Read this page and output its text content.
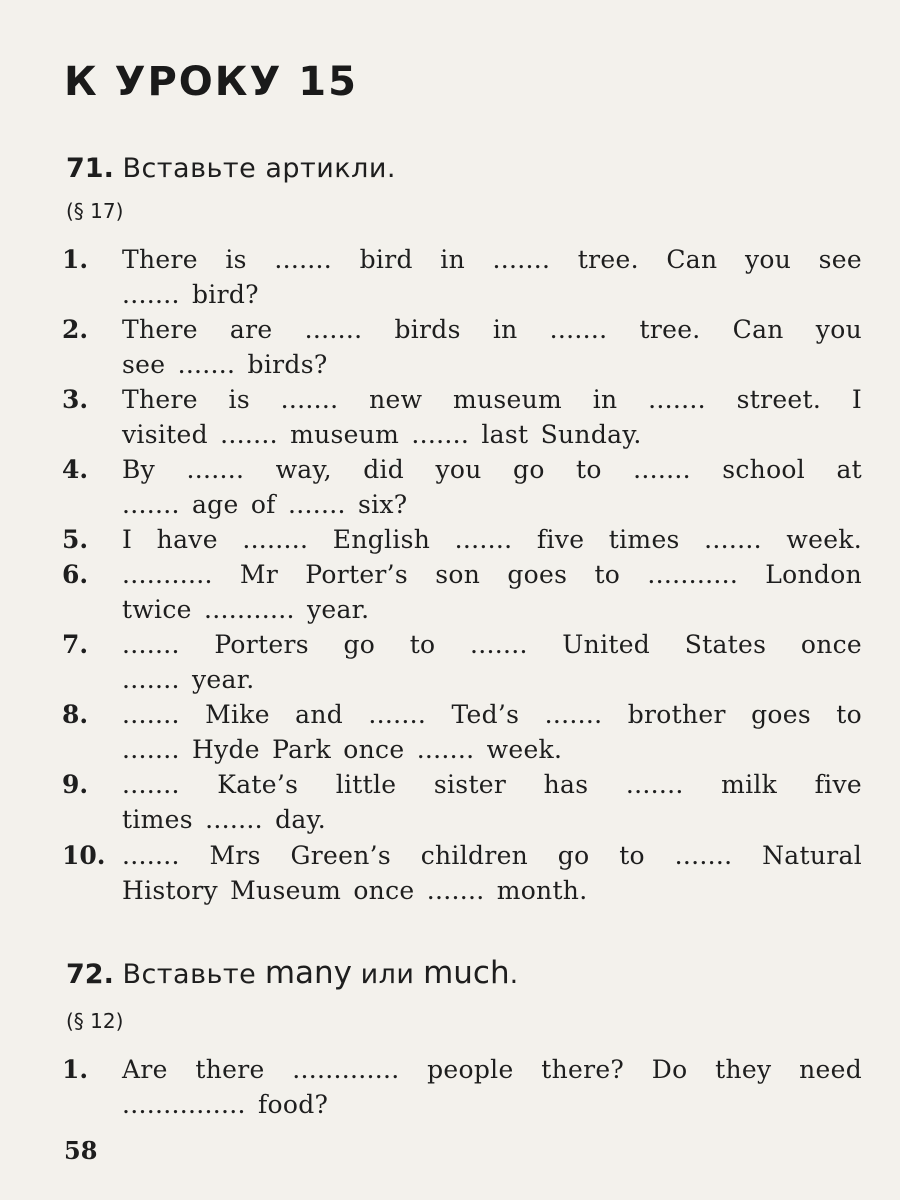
К УРОКУ 15
71. Вставьте артикли.
(§ 17)
1. There is ....... bird in ....... tree. Can you see
....... bird?
2. There are ....... birds in ....... tree. Can you
see ....... birds?
3. There is ....... new museum in ....... street. I
visited ....... museum ....... last Sunday.
4. By ....... way, did you go to ....... school at
....... age of ....... six?
5. I have ........ English ....... five times ....... week.
6. ........... Mr Porter’s son goes to ........... London
twice ........... year.
7. ....... Porters go to ....... United States once
....... year.
8. ....... Mike and ....... Ted’s ....... brother goes to
....... Hyde Park once ....... week.
9. ....... Kate’s little sister has ....... milk five
times ....... day.
10. ....... Mrs Green’s children go to ....... Natural
History Museum once ....... month.
72. Вставьте many или much.
(§ 12)
1. Are there ............. people there? Do they need
............... food?
58
